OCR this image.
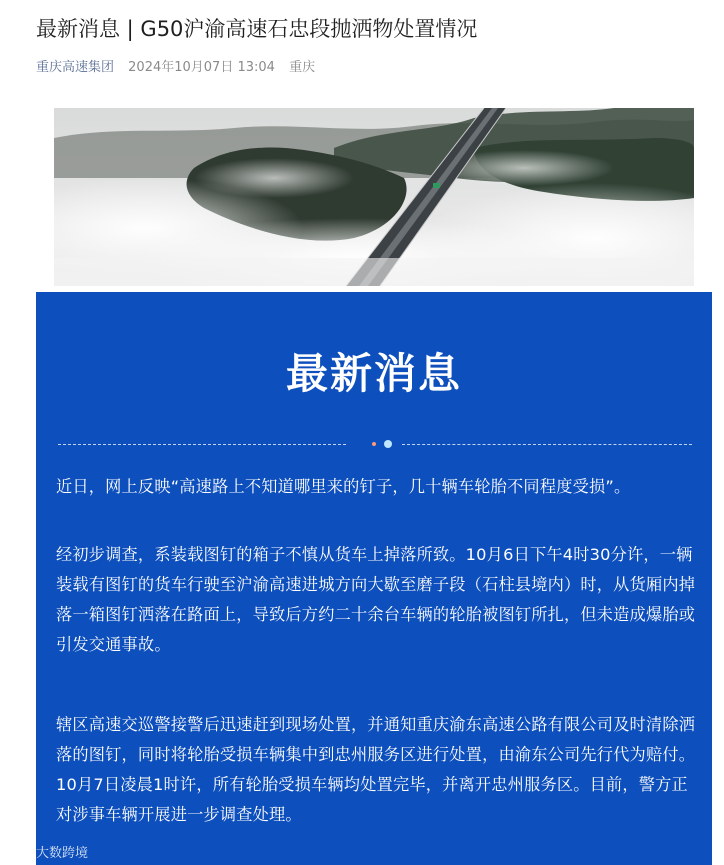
最新消息 | G50沪渝高速石忠段抛洒物处置情况
重庆高速集团 2024年10月07日 13:04 重庆
最新消息
近日，网上反映“高速路上不知道哪里来的钉子，几十辆车轮胎不同程度受损”。
经初步调查，系装载图钉的箱子不慎从货车上掉落所致。10月6日下午4时30分许，一辆装载有图钉的货车行驶至沪渝高速进城方向大歇至磨子段（石柱县境内）时，从货厢内掉落一箱图钉洒落在路面上，导致后方约二十余台车辆的轮胎被图钉所扎，但未造成爆胎或引发交通事故。
辖区高速交巡警接警后迅速赶到现场处置，并通知重庆渝东高速公路有限公司及时清除洒落的图钉，同时将轮胎受损车辆集中到忠州服务区进行处置，由渝东公司先行代为赔付。10月7日凌晨1时许，所有轮胎受损车辆均处置完毕，并离开忠州服务区。目前，警方正对涉事车辆开展进一步调查处理。
TC 大数跨境
